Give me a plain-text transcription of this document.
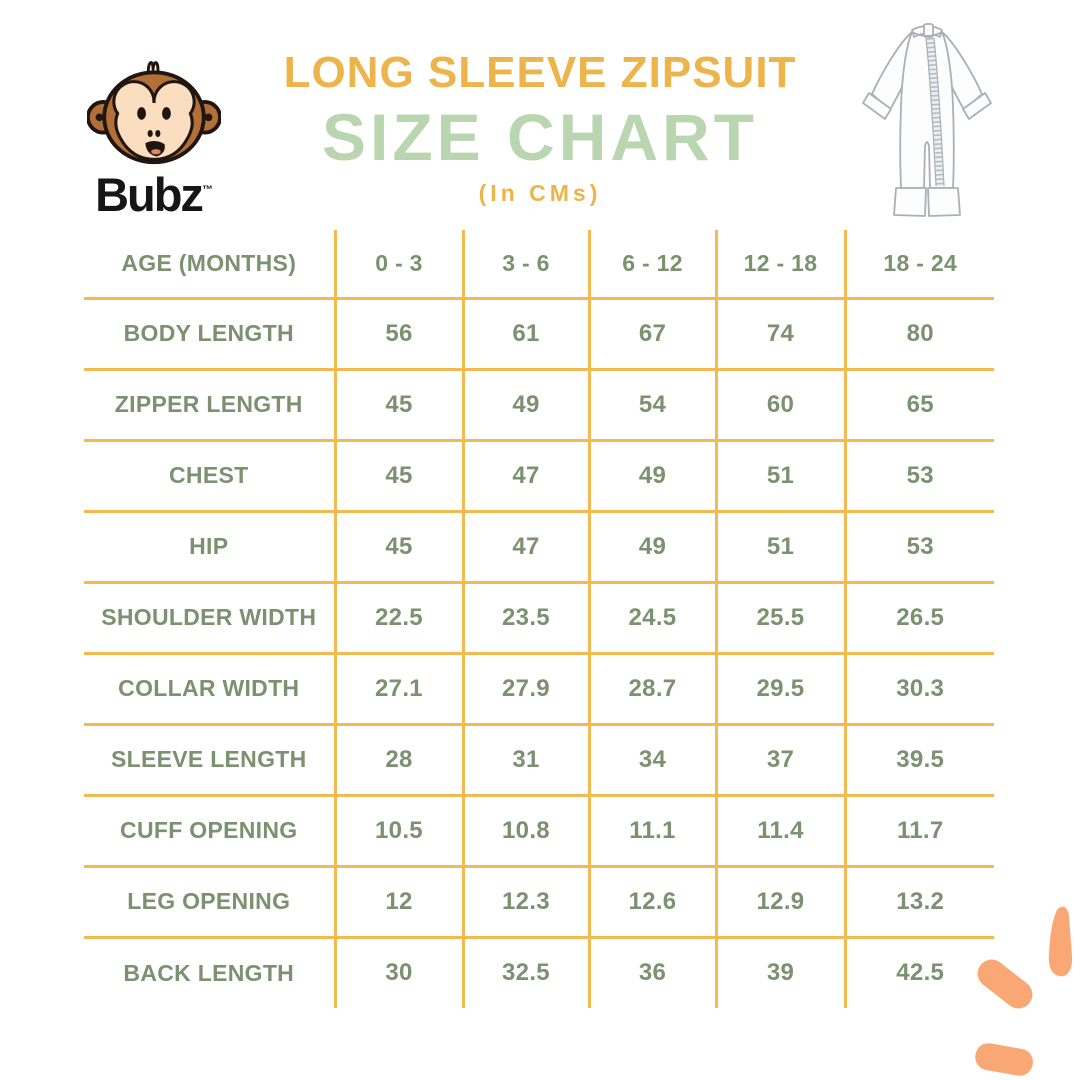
Bubz™
LONG SLEEVE ZIPSUIT
SIZE CHART
(In CMs)
AGE (MONTHS)	0 - 3	3 - 6	6 - 12	12 - 18	18 - 24
BODY LENGTH	56	61	67	74	80
ZIPPER LENGTH	45	49	54	60	65
CHEST	45	47	49	51	53
HIP	45	47	49	51	53
SHOULDER WIDTH	22.5	23.5	24.5	25.5	26.5
COLLAR WIDTH	27.1	27.9	28.7	29.5	30.3
SLEEVE LENGTH	28	31	34	37	39.5
CUFF OPENING	10.5	10.8	11.1	11.4	11.7
LEG OPENING	12	12.3	12.6	12.9	13.2
BACK LENGTH	30	32.5	36	39	42.5
